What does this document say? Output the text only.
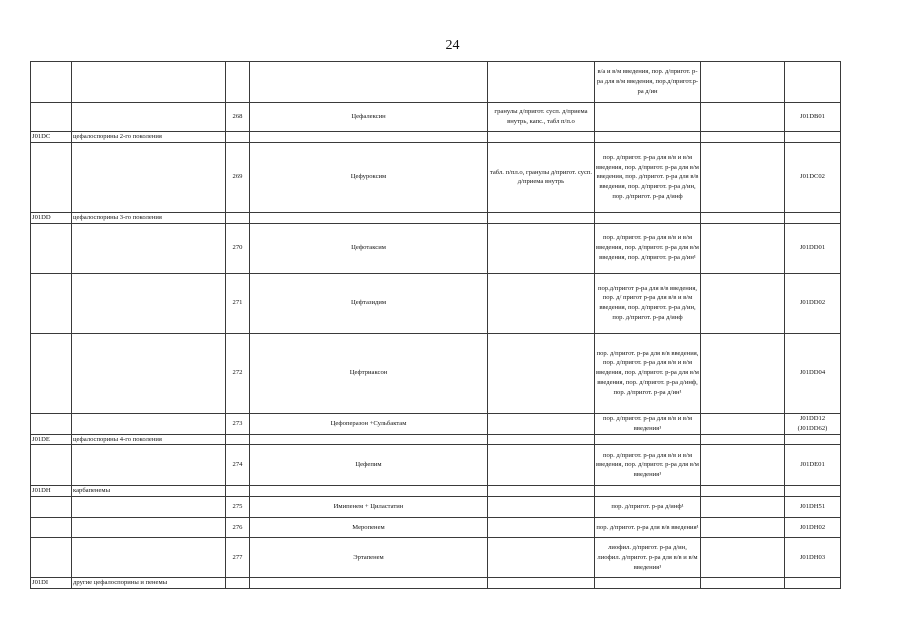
24
					в/а и в/м введения, пор. д/пригот. р-ра для в/м введения, пор.д/пригот.р-ра д/ин		
		268	Цефалексин	гранулы д/пригот. сусп. д/приема внутрь, капс., табл п/п.о			J01DB01
J01DC	цефалоспорины 2-го поколения						
		269	Цефуроксим	табл. п/пл.о, гранулы д/пригот. сусп. д/приема внутрь	пор. д/пригот. р-ра для в/в и в/м введения, пор. д/пригот. р-ра для в/м введения, пор. д/пригот. р-ра для в/в введения, пор. д/пригот. р-ра д/ин, пор. д/пригот. р-ра д/инф		J01DC02
J01DD	цефалоспорины 3-го поколения						
		270	Цефотаксим		пор. д/пригот. р-ра для в/в и в/м введения, пор. д/пригот. р-ра для в/м введения, пор. д/пригот. р-ра д/ин¹		J01DD01
		271	Цефтазидим		пор.д/пригот р-ра для в/в введения, пор. д/ пригот р-ра для в/в и в/м введения, пор. д/пригот. р-ра д/ин, пор. д/пригот. р-ра д/инф		J01DD02
		272	Цефтриаксон		пор. д/пригот. р-ра для в/в введения, пор. д/пригот. р-ра для в/в и в/м введения, пор. д/пригот. р-ра для в/м введения, пор. д/пригот. р-ра д/инф, пор. д/пригот. р-ра д/ин¹		J01DD04
		273	Цефоперазон +Сульбактам		пор. д/пригот. р-ра для в/в и в/м введения¹		J01DD12 (J01DD62)
J01DE	цефалоспорины 4-го поколения						
		274	Цефепим		пор. д/пригот. р-ра для в/в и в/м введения, пор. д/пригот. р-ра для в/м введения¹		J01DE01
J01DH	карбапенемы						
		275	Имипенем + Циластатин		пор. д/пригот. р-ра д/инф¹		J01DH51
		276	Меропенем		пор. д/пригот. р-ра для в/в введения¹		J01DH02
		277	Эртапенем		лиофил. д/пригот. р-ра д/ин, лиофил. д/пригот. р-ра для в/в и в/м введения¹		J01DH03
J01DI	другие цефалоспорины и пенемы						
